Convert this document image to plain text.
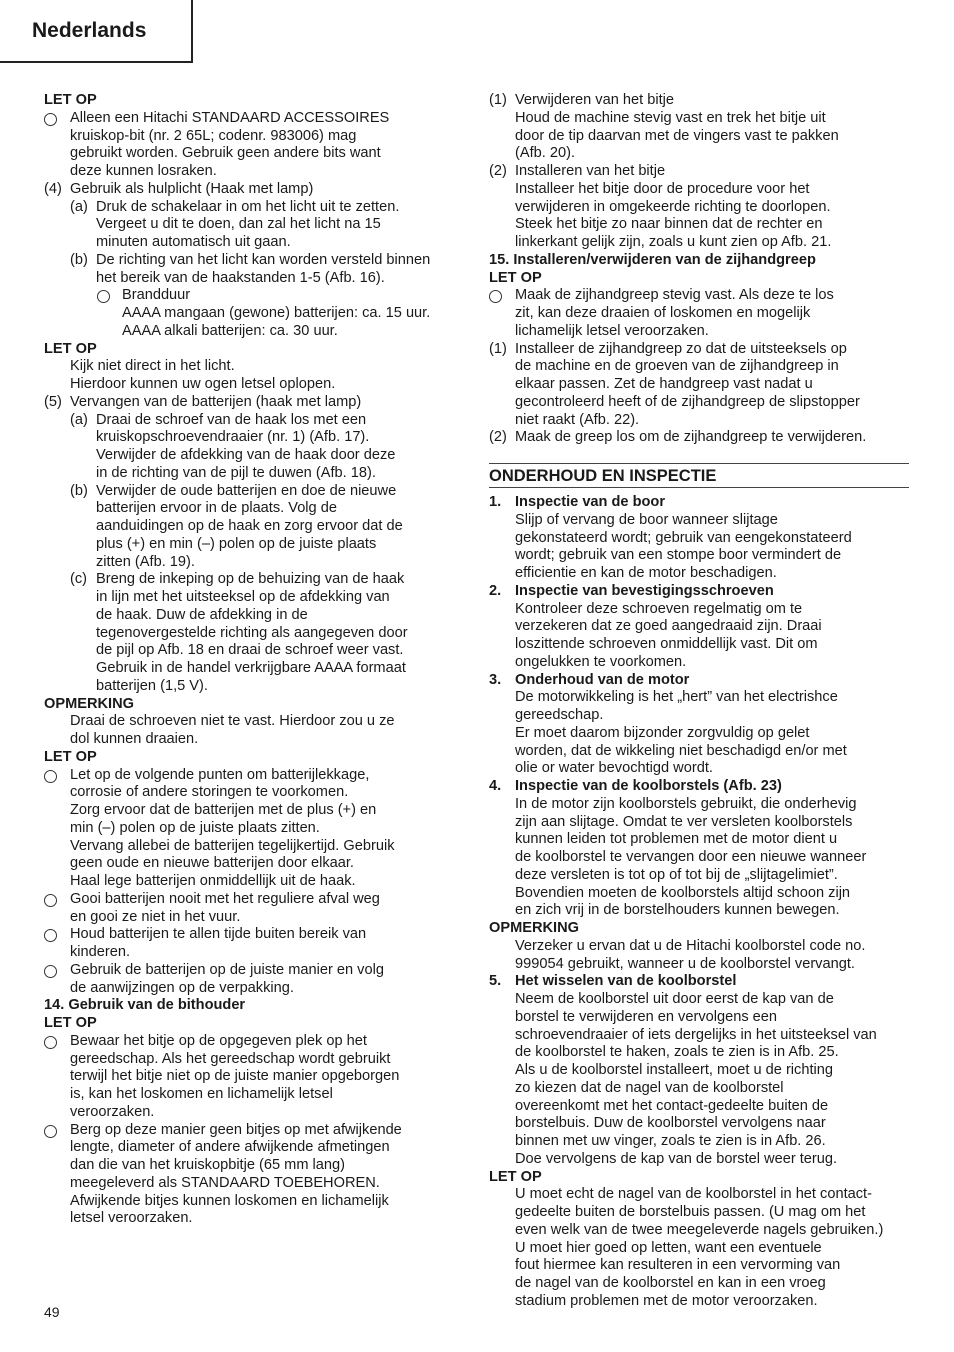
Nederlands
LET OP
Alleen een Hitachi STANDAARD ACCESSOIRES
kruiskop-bit (nr. 2 65L; codenr. 983006) mag
gebruikt worden. Gebruik geen andere bits want
deze kunnen losraken.
(4) Gebruik als hulplicht (Haak met lamp)
(a) Druk de schakelaar in om het licht uit te zetten.
Vergeet u dit te doen, dan zal het licht na 15
minuten automatisch uit gaan.
(b) De richting van het licht kan worden versteld binnen
het bereik van de haakstanden 1-5 (Afb. 16).
Brandduur
AAAA mangaan (gewone) batterijen: ca. 15 uur.
AAAA alkali batterijen: ca. 30 uur.
LET OP
Kijk niet direct in het licht.
Hierdoor kunnen uw ogen letsel oplopen.
(5) Vervangen van de batterijen (haak met lamp)
(a) Draai de schroef van de haak los met een
kruiskopschroevendraaier (nr. 1) (Afb. 17).
Verwijder de afdekking van de haak door deze
in de richting van de pijl te duwen (Afb. 18).
(b) Verwijder de oude batterijen en doe de nieuwe
batterijen ervoor in de plaats. Volg de
aanduidingen op de haak en zorg ervoor dat de
plus (+) en min (–) polen op de juiste plaats
zitten (Afb. 19).
(c) Breng de inkeping op de behuizing van de haak
in lijn met het uitsteeksel op de afdekking van
de haak. Duw de afdekking in de
tegenovergestelde richting als aangegeven door
de pijl op Afb. 18 en draai de schroef weer vast.
Gebruik in de handel verkrijgbare AAAA formaat
batterijen (1,5 V).
OPMERKING
Draai de schroeven niet te vast. Hierdoor zou u ze
dol kunnen draaien.
LET OP
Let op de volgende punten om batterijlekkage,
corrosie of andere storingen te voorkomen.
Zorg ervoor dat de batterijen met de plus (+) en
min (–) polen op de juiste plaats zitten.
Vervang allebei de batterijen tegelijkertijd. Gebruik
geen oude en nieuwe batterijen door elkaar.
Haal lege batterijen onmiddellijk uit de haak.
Gooi batterijen nooit met het reguliere afval weg
en gooi ze niet in het vuur.
Houd batterijen te allen tijde buiten bereik van
kinderen.
Gebruik de batterijen op de juiste manier en volg
de aanwijzingen op de verpakking.
14. Gebruik van de bithouder
LET OP
Bewaar het bitje op de opgegeven plek op het
gereedschap. Als het gereedschap wordt gebruikt
terwijl het bitje niet op de juiste manier opgeborgen
is, kan het loskomen en lichamelijk letsel
veroorzaken.
Berg op deze manier geen bitjes op met afwijkende
lengte, diameter of andere afwijkende afmetingen
dan die van het kruiskopbitje (65 mm lang)
meegeleverd als STANDAARD TOEBEHOREN.
Afwijkende bitjes kunnen loskomen en lichamelijk
letsel veroorzaken.
(1) Verwijderen van het bitje
Houd de machine stevig vast en trek het bitje uit
door de tip daarvan met de vingers vast te pakken
(Afb. 20).
(2) Installeren van het bitje
Installeer het bitje door de procedure voor het
verwijderen in omgekeerde richting te doorlopen.
Steek het bitje zo naar binnen dat de rechter en
linkerkant gelijk zijn, zoals u kunt zien op Afb. 21.
15. Installeren/verwijderen van de zijhandgreep
LET OP
Maak de zijhandgreep stevig vast. Als deze te los
zit, kan deze draaien of loskomen en mogelijk
lichamelijk letsel veroorzaken.
(1) Installeer de zijhandgreep zo dat de uitsteeksels op
de machine en de groeven van de zijhandgreep in
elkaar passen. Zet de handgreep vast nadat u
gecontroleerd heeft of de zijhandgreep de slipstopper
niet raakt (Afb. 22).
(2) Maak de greep los om de zijhandgreep te verwijderen.
ONDERHOUD EN INSPECTIE
1. Inspectie van de boor
Slijp of vervang de boor wanneer slijtage
gekonstateerd wordt; gebruik van eengekonstateerd
wordt; gebruik van een stompe boor vermindert de
efficientie en kan de motor beschadigen.
2. Inspectie van bevestigingsschroeven
Kontroleer deze schroeven regelmatig om te
verzekeren dat ze goed aangedraaid zijn. Draai
loszittende schroeven onmiddellijk vast. Dit om
ongelukken te voorkomen.
3. Onderhoud van de motor
De motorwikkeling is het „hert” van het electrishce
gereedschap.
Er moet daarom bijzonder zorgvuldig op gelet
worden, dat de wikkeling niet beschadigd en/or met
olie or water bevochtigd wordt.
4. Inspectie van de koolborstels (Afb. 23)
In de motor zijn koolborstels gebruikt, die onderhevig
zijn aan slijtage. Omdat te ver versleten koolborstels
kunnen leiden tot problemen met de motor dient u
de koolborstel te vervangen door een nieuwe wanneer
deze versleten is tot op of tot bij de „slijtagelimiet”.
Bovendien moeten de koolborstels altijd schoon zijn
en zich vrij in de borstelhouders kunnen bewegen.
OPMERKING
Verzeker u ervan dat u de Hitachi koolborstel code no.
999054 gebruikt, wanneer u de koolborstel vervangt.
5. Het wisselen van de koolborstel
Neem de koolborstel uit door eerst de kap van de
borstel te verwijderen en vervolgens een
schroevendraaier of iets dergelijks in het uitsteeksel van
de koolborstel te haken, zoals te zien is in Afb. 25.
Als u de koolborstel installeert, moet u de richting
zo kiezen dat de nagel van de koolborstel
overeenkomt met het contact-gedeelte buiten de
borstelbuis. Duw de koolborstel vervolgens naar
binnen met uw vinger, zoals te zien is in Afb. 26.
Doe vervolgens de kap van de borstel weer terug.
LET OP
U moet echt de nagel van de koolborstel in het contact-
gedeelte buiten de borstelbuis passen. (U mag om het
even welk van de twee meegeleverde nagels gebruiken.)
U moet hier goed op letten, want een eventuele
fout hiermee kan resulteren in een vervorming van
de nagel van de koolborstel en kan in een vroeg
stadium problemen met de motor veroorzaken.
49
